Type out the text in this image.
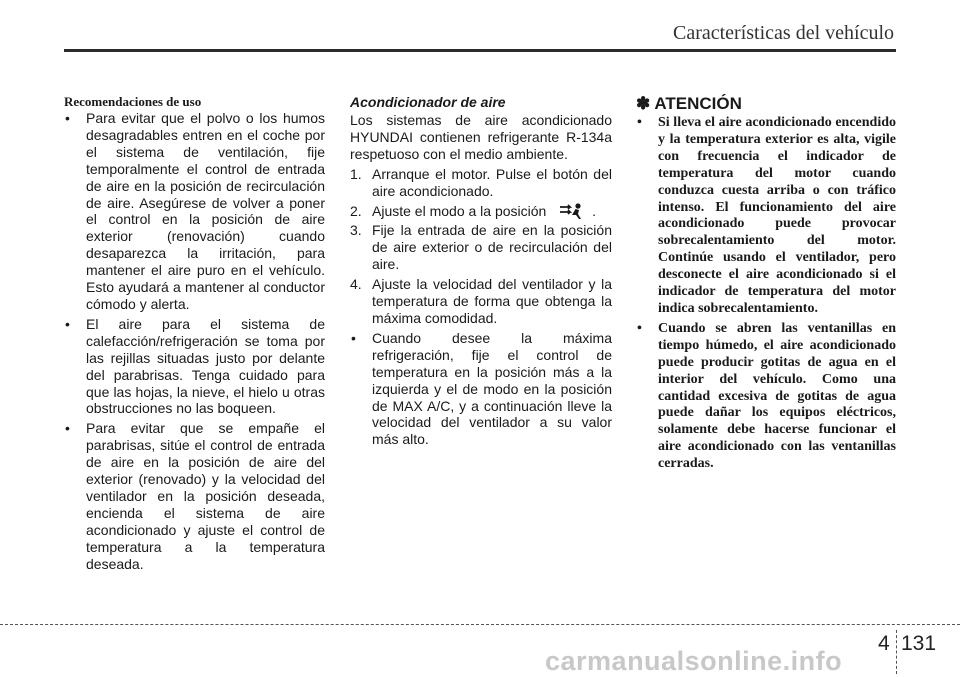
Características del vehículo
Recomendaciones de uso
• Para evitar que el polvo o los humos desagradables entren en el coche por el sistema de ventilación, fije temporalmente el control de entrada de aire en la posición de recirculación de aire. Asegúrese de volver a poner el control en la posición de aire exterior (renovación) cuando desaparezca la irritación, para mantener el aire puro en el vehículo. Esto ayudará a mantener al conductor cómodo y alerta.
• El aire para el sistema de calefacción/refrigeración se toma por las rejillas situadas justo por delante del parabrisas. Tenga cuidado para que las hojas, la nieve, el hielo u otras obstrucciones no las boqueen.
• Para evitar que se empañe el parabrisas, sitúe el control de entrada de aire en la posición de aire del exterior (renovado) y la velocidad del ventilador en la posición deseada, encienda el sistema de aire acondicionado y ajuste el control de temperatura a la temperatura deseada.
Acondicionador de aire
Los sistemas de aire acondicionado HYUNDAI contienen refrigerante R-134a respetuoso con el medio ambiente.
1. Arranque el motor. Pulse el botón del aire acondicionado.
2. Ajuste el modo a la posición	.
3. Fije la entrada de aire en la posición de aire exterior o de recirculación del aire.
4. Ajuste la velocidad del ventilador y la temperatura de forma que obtenga la máxima comodidad.
• Cuando desee la máxima refrigeración, fije el control de temperatura en la posición más a la izquierda y el de modo en la posición de MAX A/C, y a continuación lleve la velocidad del ventilador a su valor más alto.
✽ ATENCIÓN
• Si lleva el aire acondicionado encendido y la temperatura exterior es alta, vigile con frecuencia el indicador de temperatura del motor cuando conduzca cuesta arriba o con tráfico intenso. El funcionamiento del aire acondicionado puede provocar sobrecalentamiento del motor. Continúe usando el ventilador, pero desconecte el aire acondicionado si el indicador de temperatura del motor indica sobrecalentamiento.
• Cuando se abren las ventanillas en tiempo húmedo, el aire acondicionado puede producir gotitas de agua en el interior del vehículo. Como una cantidad excesiva de gotitas de agua puede dañar los equipos eléctricos, solamente debe hacerse funcionar el aire acondicionado con las ventanillas cerradas.
4 131
carmanualsonline.info
